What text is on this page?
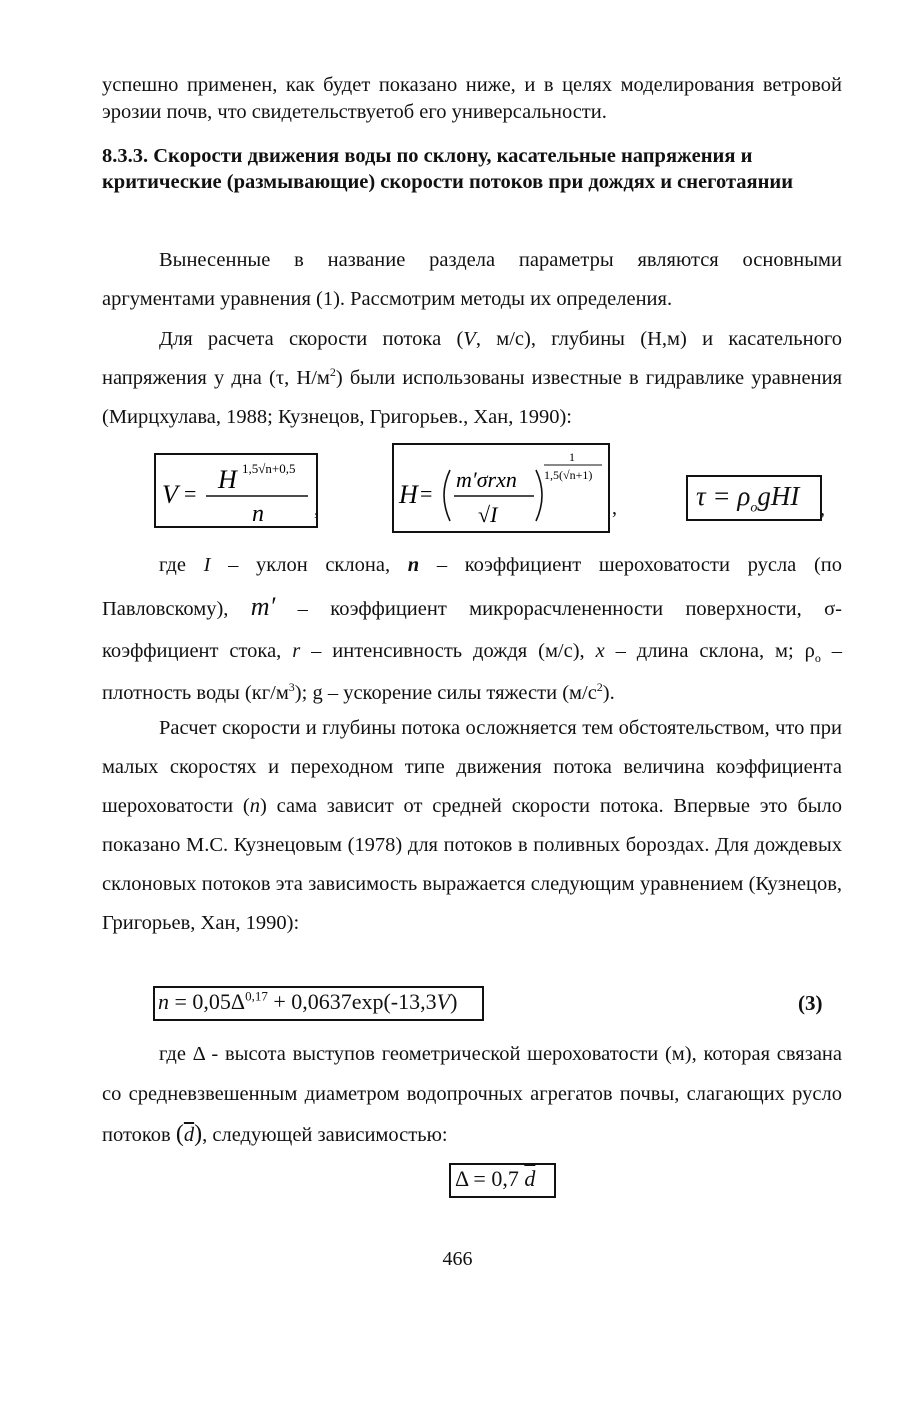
успешно применен, как будет показано ниже, и в целях моделирования ветровой эрозии почв, что свидетельствуетоб его универсальности.
8.3.3. Скорости движения воды по склону, касательные напряжения и критические (размывающие) скорости потоков при дождях и снеготаянии
Вынесенные в название раздела параметры являются основными аргументами уравнения (1). Рассмотрим методы их определения.
Для расчета скорости потока (V, м/с), глубины (Н,м) и касательного напряжения у дна (τ, $Н/м^2$) были использованы известные в гидравлике уравнения (Мирцхулава, 1988; Кузнецов, Григорьев., Хан, 1990):
V = H 1,5√n+0,5
n	,	H =
m′σrxn
√I
1
1,5(√n+1)
,	$\tau = \rho_ogHI$ ,
где I – уклон склона, n – коэффициент шероховатости русла (по Павловскому), m′ – коэффициент микрорасчлененности поверхности, σ-коэффициент стока, r – интенсивность дождя (м/с), x – длина склона, м; $\rho_o$ – плотность воды $(кг/м^3)$; g – ускорение силы тяжести $(м/с^2)$.
Расчет скорости и глубины потока осложняется тем обстоятельством, что при малых скоростях и переходном типе движения потока величина коэффициента шероховатости (n) сама зависит от средней скорости потока. Впервые это было показано М.С. Кузнецовым (1978) для потоков в поливных бороздах. Для дождевых склоновых потоков эта зависимость выражается следующим уравнением (Кузнецов, Григорьев, Хан, 1990):
$n = 0,05\Delta^{0,17} + 0,0637\exp(-13,3V)$	(3)
где Δ - высота выступов геометрической шероховатости (м), которая связана со средневзвешенным диаметром водопрочных агрегатов почвы, слагающих русло потоков $(\overline{d})$, следующей зависимостью:
Δ = 0,7 $\overline{d}$
466
